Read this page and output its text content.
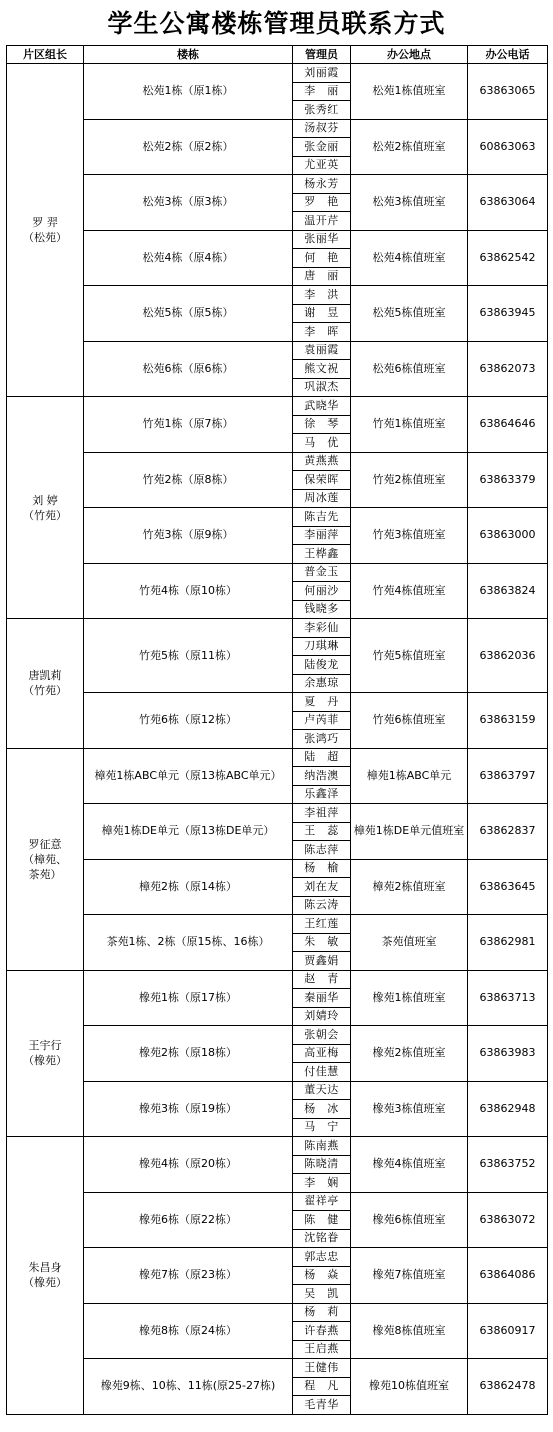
学生公寓楼栋管理员联系方式
片区组长	楼栋	管理员	办公地点	办公电话

罗 羿
（松苑）	松苑1栋（原1栋）	刘丽霞	松苑1栋值班室	63863065
		李　丽		
		张秀红		
	松苑2栋（原2栋）	汤叔芬	松苑2栋值班室	60863063
		张金丽		
		尤亚英		
	松苑3栋（原3栋）	杨永芳	松苑3栋值班室	63863064
		罗　艳		
		温开芹		
	松苑4栋（原4栋）	张丽华	松苑4栋值班室	63862542
		何　艳		
		唐　丽		
	松苑5栋（原5栋）	李　洪	松苑5栋值班室	63863945
		谢　昱		
		李　晖		
	松苑6栋（原6栋）	袁丽霞	松苑6栋值班室	63862073
		熊文祝		
		巩淑杰		

刘 婷
（竹苑）	竹苑1栋（原7栋）	武晓华	竹苑1栋值班室	63864646
		徐　琴		
		马　优		
	竹苑2栋（原8栋）	黄燕燕	竹苑2栋值班室	63863379
		保荣晖		
		周冰莲		
	竹苑3栋（原9栋）	陈吉先	竹苑3栋值班室	63863000
		李丽萍		
		王桦鑫		
	竹苑4栋（原10栋）	普金玉	竹苑4栋值班室	63863824
		何丽沙		
		钱晓多		

唐凯莉
（竹苑）	竹苑5栋（原11栋）	李彩仙	竹苑5栋值班室	63862036
		刀琪琳		
		陆俊龙		
		余惠琼		
	竹苑6栋（原12栋）	夏　丹	竹苑6栋值班室	63863159
		卢芮菲		
		张鸿巧		

罗征意
（樟苑、
茶苑）	樟苑1栋ABC单元（原13栋ABC单元）	陆　超	樟苑1栋ABC单元	63863797
		纳浩澳		
		乐鑫泽		
	樟苑1栋DE单元（原13栋DE单元）	李祖萍	樟苑1栋DE单元值班室	63862837
		王　蕊		
		陈志萍		
	樟苑2栋（原14栋）	杨　榆	樟苑2栋值班室	63863645
		刘在友		
		陈云涛		
	茶苑1栋、2栋（原15栋、16栋）	王红莲	茶苑值班室	63862981
		朱　敏		
		贾鑫娟		

王宇行
（橡苑）	橡苑1栋（原17栋）	赵　青	橡苑1栋值班室	63863713
		秦丽华		
		刘婧玲		
	橡苑2栋（原18栋）	张朝会	橡苑2栋值班室	63863983
		高亚梅		
		付佳慧		
	橡苑3栋（原19栋）	董天达	橡苑3栋值班室	63862948
		杨　冰		
		马　宁		

朱昌身
（橡苑）	橡苑4栋（原20栋）	陈南燕	橡苑4栋值班室	63863752
		陈晓清		
		李　娴		
	橡苑6栋（原22栋）	翟祥亭	橡苑6栋值班室	63863072
		陈　健		
		沈铭眷		
	橡苑7栋（原23栋）	郭志忠	橡苑7栋值班室	63864086
		杨　焱		
		吴　凯		
	橡苑8栋（原24栋）	杨　莉	橡苑8栋值班室	63860917
		许春燕		
		王启燕		
	橡苑9栋、10栋、11栋(原25-27栋)	王健伟	橡苑10栋值班室	63862478
		程　凡		
		毛青华		
